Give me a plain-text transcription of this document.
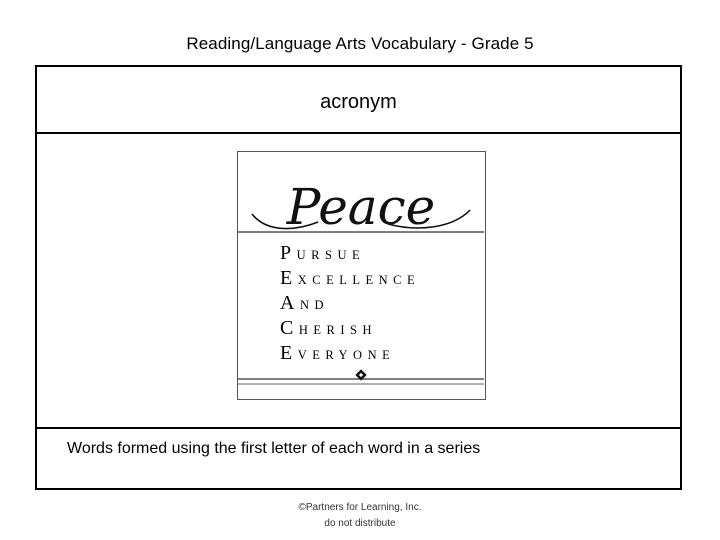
Reading/Language Arts Vocabulary - Grade 5
acronym
Peace
PURSUE
EXCELLENCE
AND
CHERISH
EVERYONE
Words formed using the first letter of each word in a series
©Partners for Learning, Inc.
do not distribute
